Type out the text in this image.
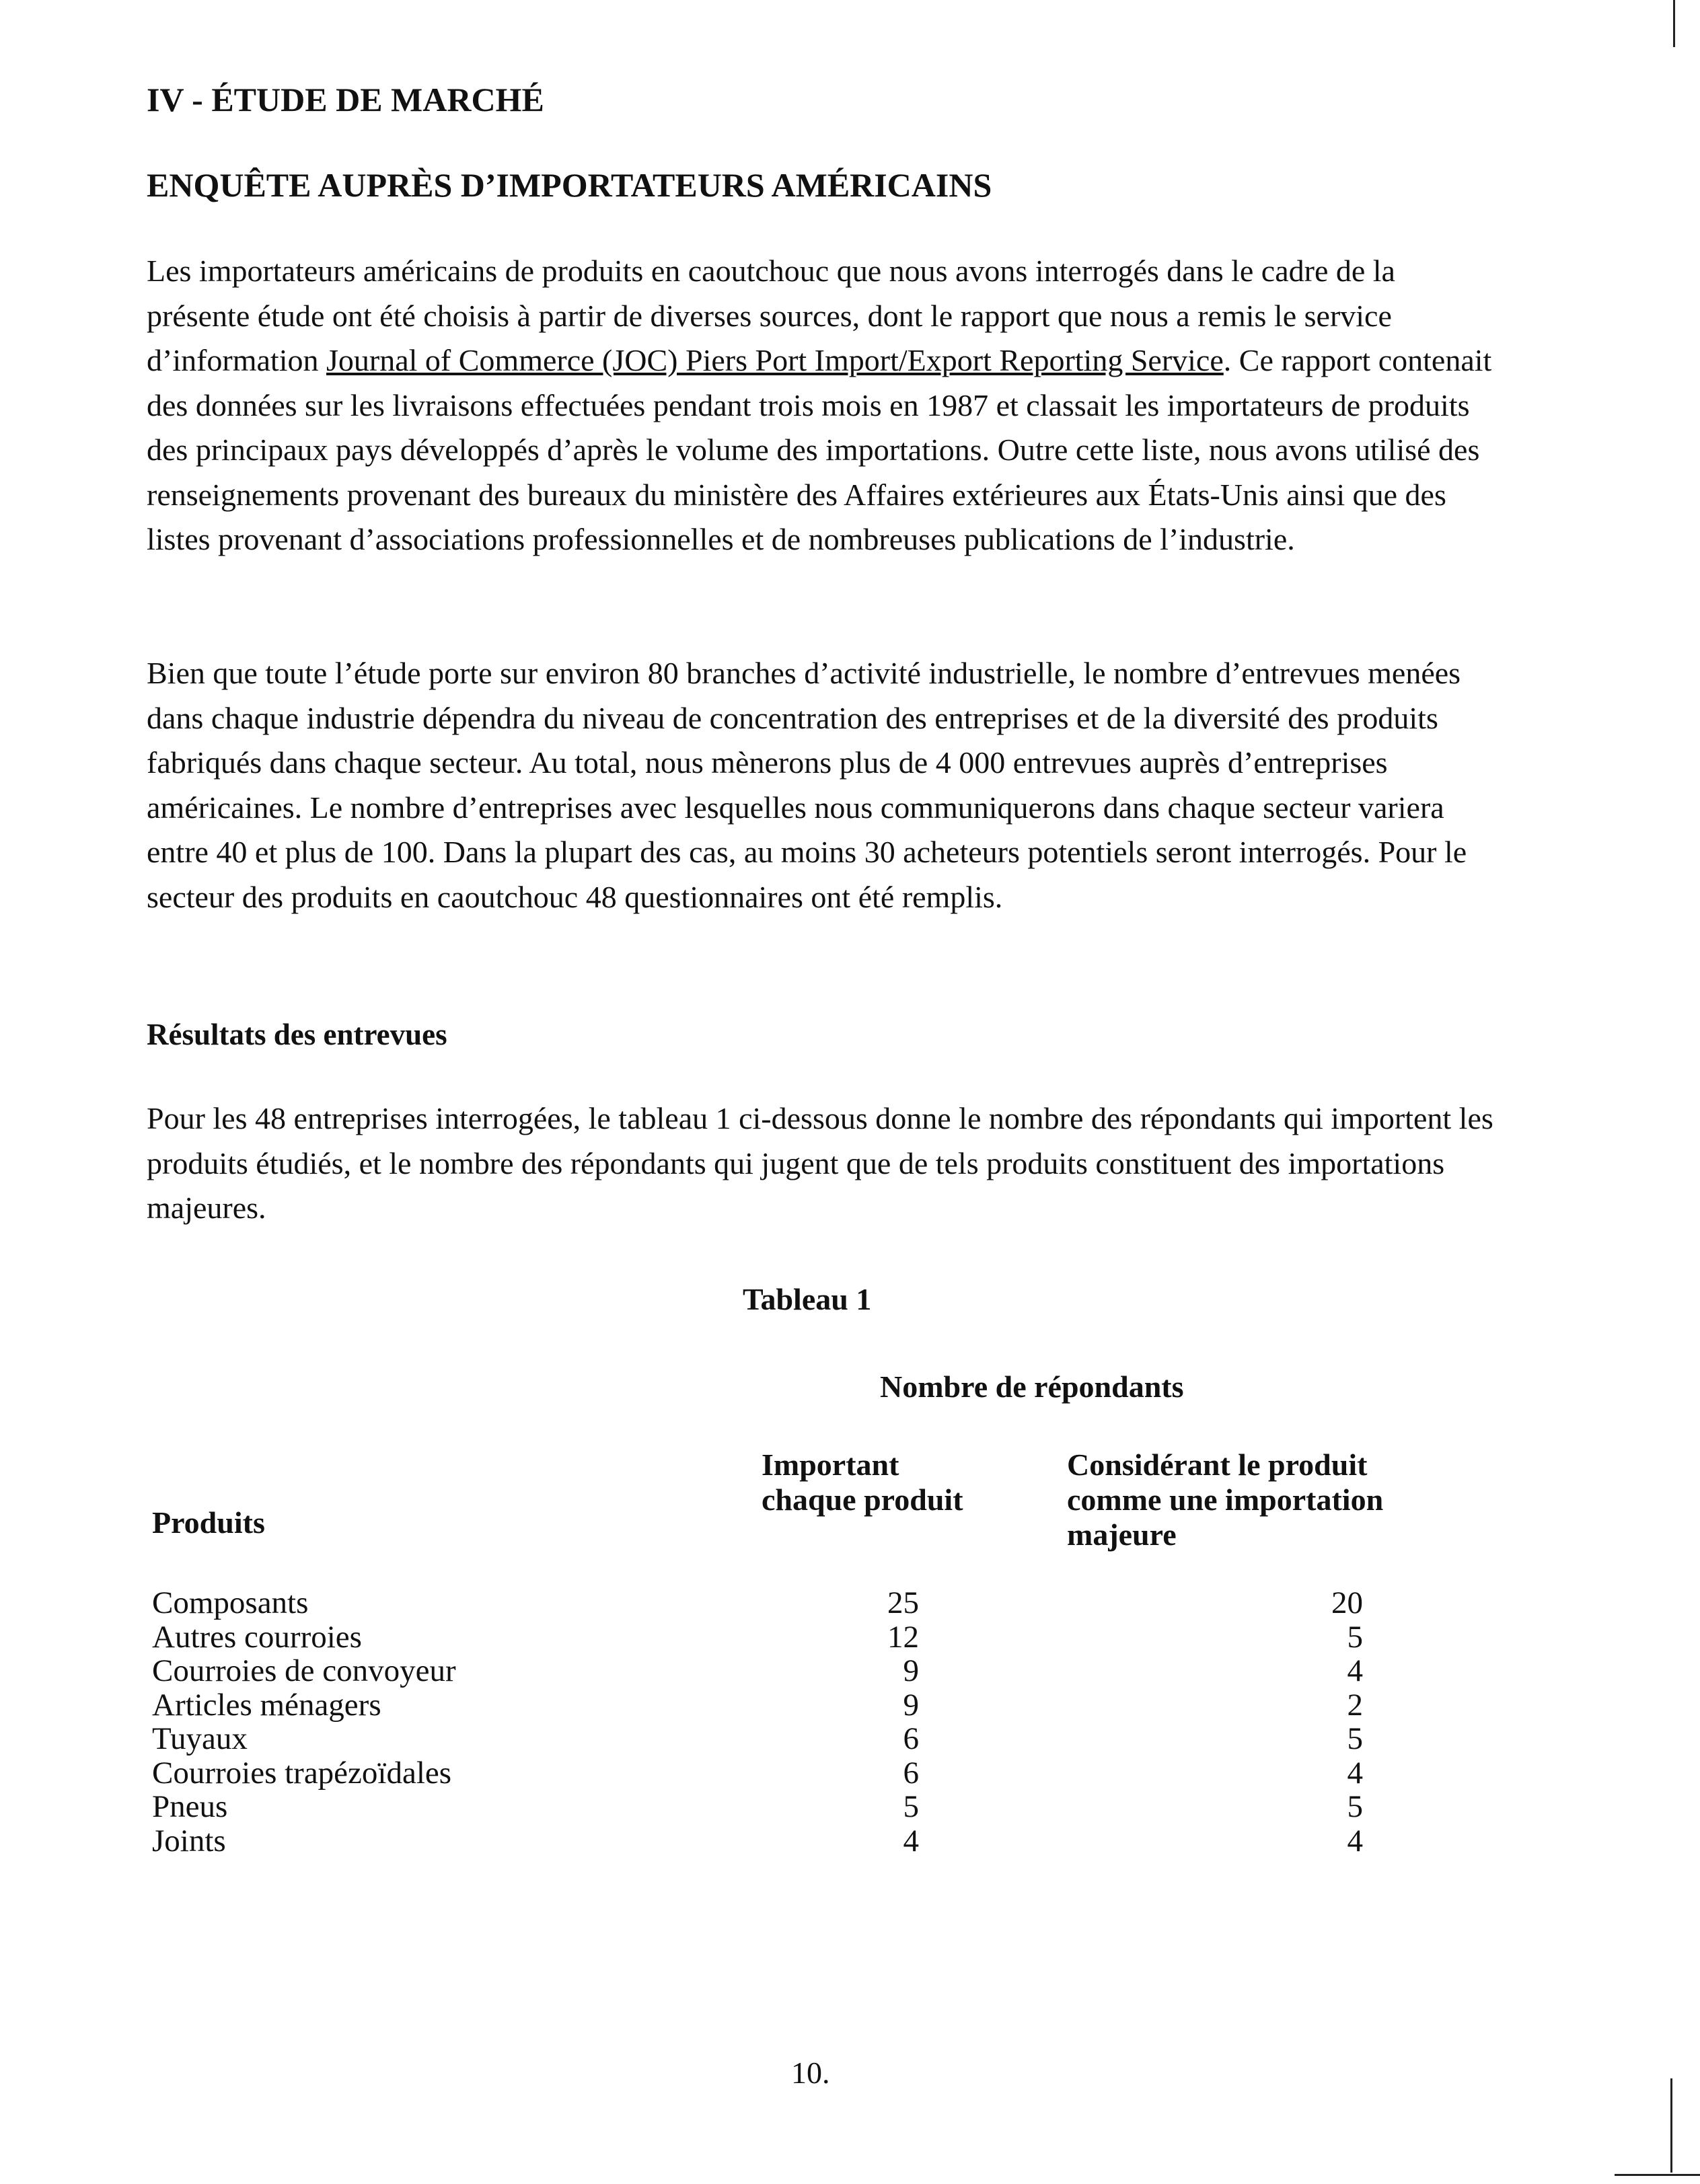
IV - ÉTUDE DE MARCHÉ
ENQUÊTE AUPRÈS D’IMPORTATEURS AMÉRICAINS

Les importateurs américains de produits en caoutchouc que nous avons interrogés dans le cadre de la présente étude ont été choisis à partir de diverses sources, dont le rapport que nous a remis le service d’information Journal of Commerce (JOC) Piers Port Import/Export Reporting Service. Ce rapport contenait des données sur les livraisons effectuées pendant trois mois en 1987 et classait les importateurs de produits des principaux pays développés d’après le volume des importations. Outre cette liste, nous avons utilisé des renseignements provenant des bureaux du ministère des Affaires extérieures aux États-Unis ainsi que des listes provenant d’associations professionnelles et de nombreuses publications de l’industrie.

Bien que toute l’étude porte sur environ 80 branches d’activité industrielle, le nombre d’entrevues menées dans chaque industrie dépendra du niveau de concentration des entreprises et de la diversité des produits fabriqués dans chaque secteur. Au total, nous mènerons plus de 4 000 entrevues auprès d’entreprises américaines. Le nombre d’entreprises avec lesquelles nous communiquerons dans chaque secteur variera entre 40 et plus de 100. Dans la plupart des cas, au moins 30 acheteurs potentiels seront interrogés. Pour le secteur des produits en caoutchouc 48 questionnaires ont été remplis.

Résultats des entrevues

Pour les 48 entreprises interrogées, le tableau 1 ci-dessous donne le nombre des répondants qui importent les produits étudiés, et le nombre des répondants qui jugent que de tels produits constituent des importations majeures.

Tableau 1
Nombre de répondants
Important
chaque produit
Considérant le produit
comme une importation
majeure
Produits
Composants	25	20
Autres courroies	12	5
Courroies de convoyeur	9	4
Articles ménagers	9	2
Tuyaux	6	5
Courroies trapézoïdales	6	4
Pneus	5	5
Joints	4	4
10.
